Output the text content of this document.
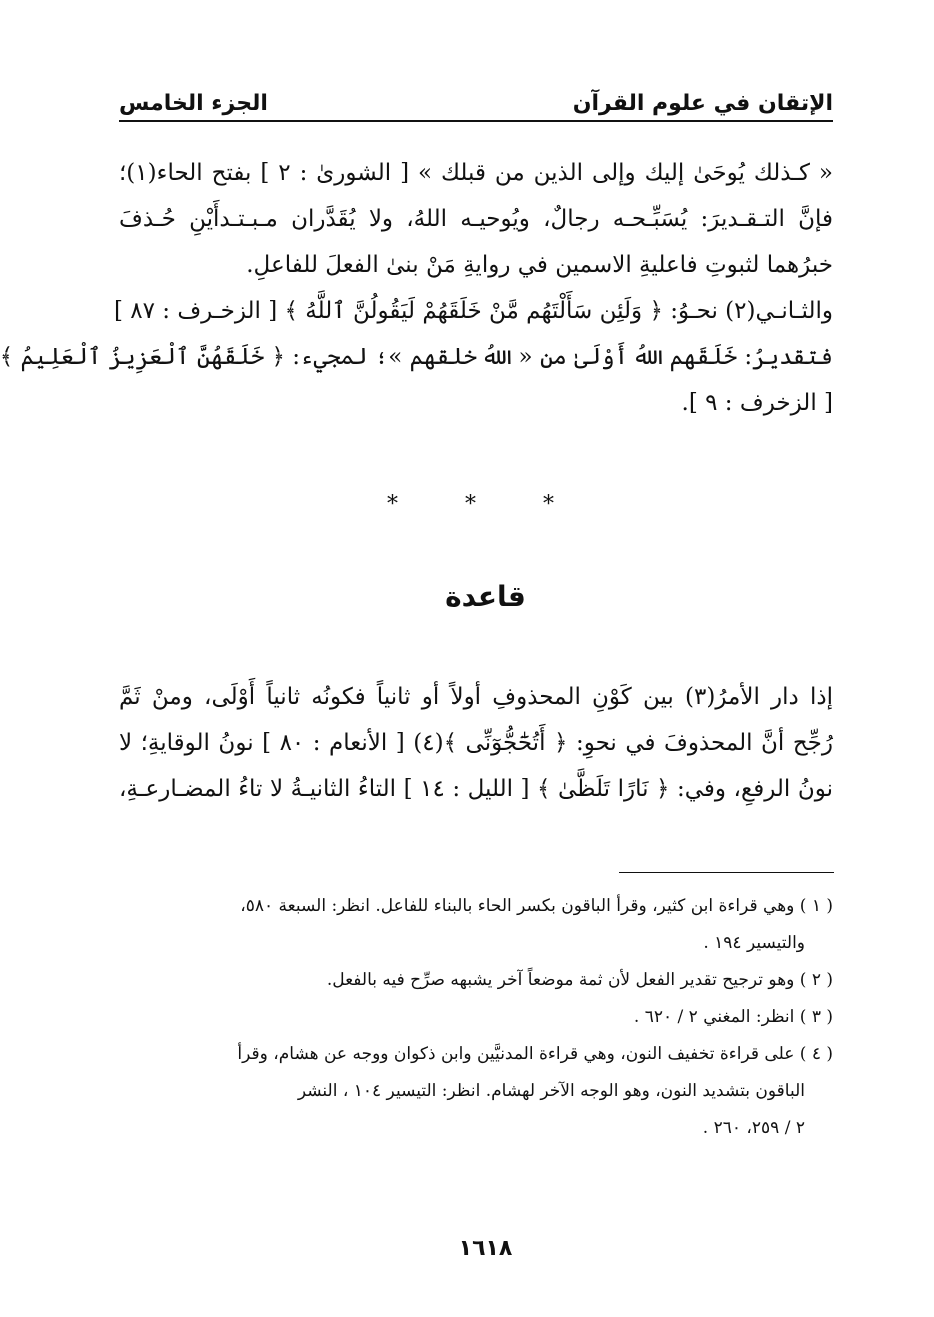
الإتقان في علوم القرآن
الجزء الخامس
« كـذلك يُوحَىٰ إليك وإلى الذين من قبلك » [ الشورىٰ : ٢ ] بفتح الحاء(١)؛
فإنَّ التـقـديرَ: يُسَبِّـحـه رجالٌ، ويُوحيـه اللهُ، ولا يُقَدَّران مـبـتـدأَيْنِ حُـذفَ
خبرُهما لثبوتِ فاعليةِ الاسمين في روايةِ مَنْ بنىٰ الفعلَ للفاعلِ.
والثـانـي(٢) نحـوُ: ﴿ وَلَئِن سَأَلْتَهُم مَّنْ خَلَقَهُمْ لَيَقُولُنَّ ٱللَّهُ ﴾ [ الزخـرف : ٨٧ ]
فتقديرُ: خَلَقَهم اللهُ أَوْلَىٰ من « اللهُ خلقهم »؛ لمجيء: ﴿ خَلَقَهُنَّ ٱلْعَزِيزُ ٱلْعَلِيمُ ﴾
[ الزخرف : ٩ ].
* * *
قاعدة
إذا دار الأمرُ(٣) بين كَوْنِ المحذوفِ أولاً أو ثانياً فكونُه ثانياً أَوْلَى، ومنْ ثَمَّ
رُجِّح أنَّ المحذوفَ في نحوِ: ﴿ أَتُحَٰٓجُّوٓنِّى ﴾(٤) [ الأنعام : ٨٠ ] نونُ الوقايةِ؛ لا
نونُ الرفعِ، وفي: ﴿ نَارًا تَلَظَّىٰ ﴾ [ الليل : ١٤ ] التاءُ الثانيـةُ لا تاءُ المضـارعـةِ،
( ١ ) وهي قراءة ابن كثير، وقرأ الباقون بكسر الحاء بالبناء للفاعل. انظر: السبعة ٥٨٠،
والتيسير ١٩٤ .
( ٢ ) وهو ترجيح تقدير الفعل لأن ثمة موضعاً آخر يشبهه صرِّح فيه بالفعل.
( ٣ ) انظر: المغني ٢ / ٦٢٠ .
( ٤ ) على قراءة تخفيف النون، وهي قراءة المدنيَّين وابن ذكوان ووجه عن هشام، وقرأ
الباقون بتشديد النون، وهو الوجه الآخر لهشام. انظر: التيسير ١٠٤ ، النشر
٢ / ٢٥٩، ٢٦٠ .
١٦١٨
